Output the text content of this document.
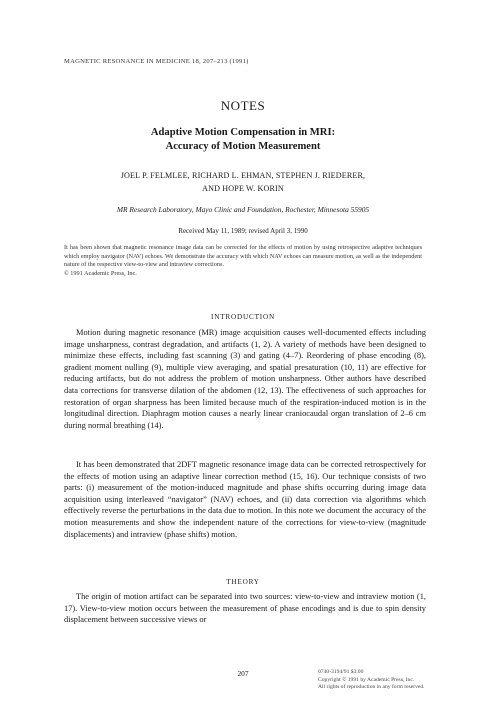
MAGNETIC RESONANCE IN MEDICINE 18, 207–213 (1991)
NOTES
Adaptive Motion Compensation in MRI:
Accuracy of Motion Measurement
JOEL P. FELMLEE, RICHARD L. EHMAN, STEPHEN J. RIEDERER,
AND HOPE W. KORIN
MR Research Laboratory, Mayo Clinic and Foundation, Rochester, Minnesota 55905
Received May 11, 1989; revised April 3, 1990
It has been shown that magnetic resonance image data can be corrected for the effects of motion by using retrospective adaptive techniques which employ navigator (NAV) echoes. We demonstrate the accuracy with which NAV echoes can measure motion, as well as the independent nature of the respective view-to-view and intraview corrections.
© 1991 Academic Press, Inc.
INTRODUCTION

Motion during magnetic resonance (MR) image acquisition causes well-documented effects including image unsharpness, contrast degradation, and artifacts (1, 2). A variety of methods have been designed to minimize these effects, including fast scanning (3) and gating (4–7). Reordering of phase encoding (8), gradient moment nulling (9), multiple view averaging, and spatial presaturation (10, 11) are effective for reducing artifacts, but do not address the problem of motion unsharpness. Other authors have described data corrections for transverse dilation of the abdomen (12, 13). The effectiveness of such approaches for restoration of organ sharpness has been limited because much of the respiration-induced motion is in the longitudinal direction. Diaphragm motion causes a nearly linear craniocaudal organ translation of 2–6 cm during normal breathing (14).

It has been demonstrated that 2DFT magnetic resonance image data can be corrected retrospectively for the effects of motion using an adaptive linear correction method (15, 16). Our technique consists of two parts: (i) measurement of the motion-induced magnitude and phase shifts occurring during image data acquisition using interleaved “navigator” (NAV) echoes, and (ii) data correction via algorithms which effectively reverse the perturbations in the data due to motion. In this note we document the accuracy of the motion measurements and show the independent nature of the corrections for view-to-view (magnitude displacements) and intraview (phase shifts) motion.

THEORY

The origin of motion artifact can be separated into two sources: view-to-view and intraview motion (1, 17). View-to-view motion occurs between the measurement of phase encodings and is due to spin density displacement between successive views or

207	0740-3194/91 $3.00
Copyright © 1991 by Academic Press, Inc.
All rights of reproduction in any form reserved.
